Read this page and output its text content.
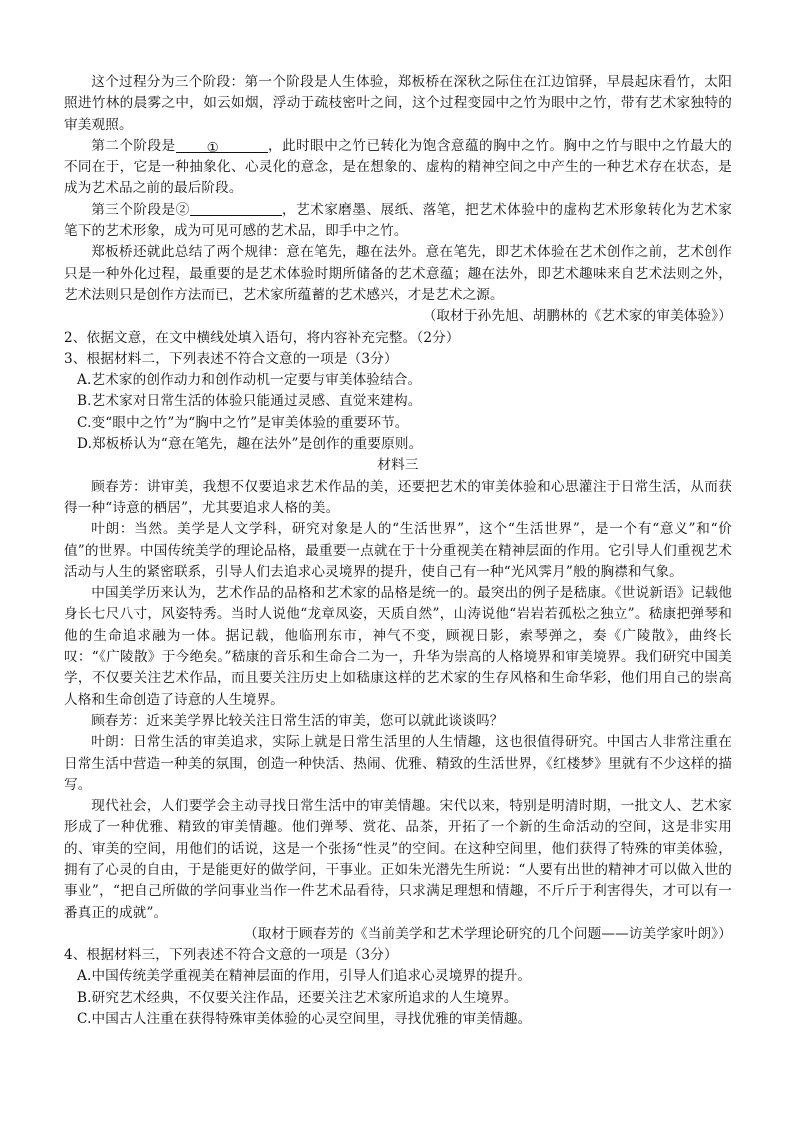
这个过程分为三个阶段：第一个阶段是人生体验，郑板桥在深秋之际住在江边馆驿，早晨起床看竹，太阳照进竹林的晨雾之中，如云如烟，浮动于疏枝密叶之间，这个过程变园中之竹为眼中之竹，带有艺术家独特的审美观照。

第二个阶段是 ①	，此时眼中之竹已转化为饱含意蕴的胸中之竹。胸中之竹与眼中之竹最大的不同在于，它是一种抽象化、心灵化的意念，是在想象的、虚构的精神空间之中产生的一种艺术存在状态，是成为艺术品之前的最后阶段。

第三个阶段是②	，艺术家磨墨、展纸、落笔，把艺术体验中的虚构艺术形象转化为艺术家笔下的艺术形象，成为可见可感的艺术品，即手中之竹。

郑板桥还就此总结了两个规律：意在笔先，趣在法外。意在笔先，即艺术体验在艺术创作之前，艺术创作只是一种外化过程，最重要的是艺术体验时期所储备的艺术意蕴；趣在法外，即艺术趣味来自艺术法则之外，艺术法则只是创作方法而已，艺术家所蕴蓄的艺术感兴，才是艺术之源。

（取材于孙先旭、胡鹏林的《艺术家的审美体验》）

2、依据文意，在文中横线处填入语句，将内容补充完整。（2分）

3、根据材料二，下列表述不符合文意的一项是（3分）

A.艺术家的创作动力和创作动机一定要与审美体验结合。

B.艺术家对日常生活的体验只能通过灵感、直觉来建构。

C.变“眼中之竹”为“胸中之竹”是审美体验的重要环节。

D.郑板桥认为“意在笔先，趣在法外”是创作的重要原则。

材料三

顾春芳：讲审美，我想不仅要追求艺术作品的美，还要把艺术的审美体验和心思灌注于日常生活，从而获得一种“诗意的栖居”，尤其要追求人格的美。

叶朗：当然。美学是人文学科，研究对象是人的“生活世界”，这个“生活世界”，是一个有“意义”和“价值”的世界。中国传统美学的理论品格，最重要一点就在于十分重视美在精神层面的作用。它引导人们重视艺术活动与人生的紧密联系，引导人们去追求心灵境界的提升，使自己有一种“光风霁月”般的胸襟和气象。

中国美学历来认为，艺术作品的品格和艺术家的品格是统一的。最突出的例子是嵇康。《世说新语》记载他身长七尺八寸，风姿特秀。当时人说他“龙章凤姿，天质自然”，山涛说他“岩岩若孤松之独立”。嵇康把弹琴和他的生命追求融为一体。据记载，他临刑东市，神气不变，顾视日影，索琴弹之，奏《广陵散》，曲终长叹：“《广陵散》于今绝矣。”嵇康的音乐和生命合二为一，升华为崇高的人格境界和审美境界。我们研究中国美学，不仅要关注艺术作品，而且要关注历史上如嵇康这样的艺术家的生存风格和生命华彩，他们用自己的崇高人格和生命创造了诗意的人生境界。

顾春芳：近来美学界比较关注日常生活的审美，您可以就此谈谈吗？

叶朗：日常生活的审美追求，实际上就是日常生活里的人生情趣，这也很值得研究。中国古人非常注重在日常生活中营造一种美的氛围，创造一种快活、热闹、优雅、精致的生活世界，《红楼梦》里就有不少这样的描写。

现代社会，人们要学会主动寻找日常生活中的审美情趣。宋代以来，特别是明清时期，一批文人、艺术家形成了一种优雅、精致的审美情趣。他们弹琴、赏花、品茶，开拓了一个新的生命活动的空间，这是非实用的、审美的空间，用他们的话说，这是一个张扬“性灵”的空间。在这种空间里，他们获得了特殊的审美体验，拥有了心灵的自由，于是能更好的做学问，干事业。正如朱光潜先生所说：“人要有出世的精神才可以做入世的事业”，“把自己所做的学问事业当作一件艺术品看待，只求满足理想和情趣，不斤斤于利害得失，才可以有一番真正的成就”。

（取材于顾春芳的《当前美学和艺术学理论研究的几个问题——访美学家叶朗》）

4、根据材料三，下列表述不符合文意的一项是（3分）

A.中国传统美学重视美在精神层面的作用，引导人们追求心灵境界的提升。

B.研究艺术经典，不仅要关注作品，还要关注艺术家所追求的人生境界。

C.中国古人注重在获得特殊审美体验的心灵空间里，寻找优雅的审美情趣。
